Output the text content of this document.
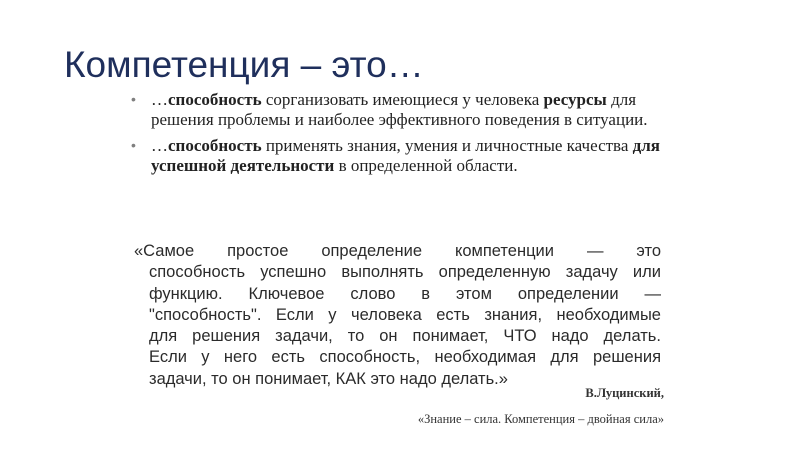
Компетенция – это…
• …способность сорганизовать имеющиеся у человека ресурсы для решения проблемы и наиболее эффективного поведения в ситуации.
• …способность применять знания, умения и личностные качества для успешной деятельности в определенной области.
«Самое простое определение компетенции — это
способность успешно выполнять определенную задачу или
функцию. Ключевое слово в этом определении —
"способность". Если у человека есть знания, необходимые
для решения задачи, то он понимает, ЧТО надо делать.
Если у него есть способность, необходимая для решения
задачи, то он понимает, КАК это надо делать.»

В.Луцинский,

«Знание – сила. Компетенция – двойная сила»
